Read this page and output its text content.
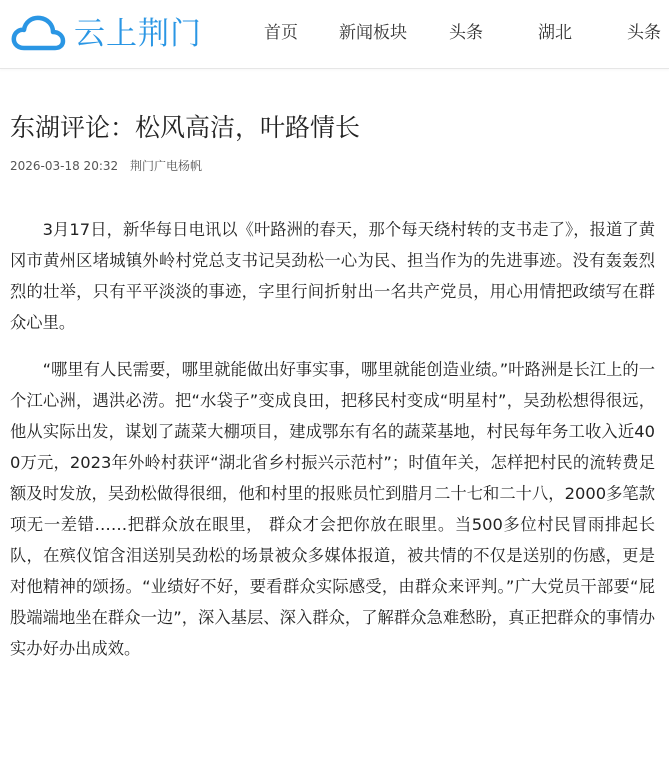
云上荆门	首页 新闻板块 头条	湖北	头条
东湖评论：松风高洁，叶路情长
2026-03-18 20:32 荆门广电杨帆

3月17日，新华每日电讯以《叶路洲的春天，那个每天绕村转的支书走了》，报道了黄冈市黄州区堵城镇外岭村党总支书记吴劲松一心为民、担当作为的先进事迹。没有轰轰烈烈的壮举，只有平平淡淡的事迹，字里行间折射出一名共产党员，用心用情把政绩写在群众心里。

“哪里有人民需要，哪里就能做出好事实事，哪里就能创造业绩。”叶路洲是长江上的一个江心洲，遇洪必涝。把“水袋子”变成良田，把移民村变成“明星村”，吴劲松想得很远，他从实际出发，谋划了蔬菜大棚项目，建成鄂东有名的蔬菜基地，村民每年务工收入近400万元，2023年外岭村获评“湖北省乡村振兴示范村”；时值年关，怎样把村民的流转费足额及时发放，吴劲松做得很细，他和村里的报账员忙到腊月二十七和二十八，2000多笔款项无一差错……把群众放在眼里， 群众才会把你放在眼里。当500多位村民冒雨排起长队，在殡仪馆含泪送别吴劲松的场景被众多媒体报道，被共情的不仅是送别的伤感，更是对他精神的颂扬。“业绩好不好，要看群众实际感受，由群众来评判。”广大党员干部要“屁股端端地坐在群众一边”，深入基层、深入群众，了解群众急难愁盼，真正把群众的事情办实办好办出成效。
